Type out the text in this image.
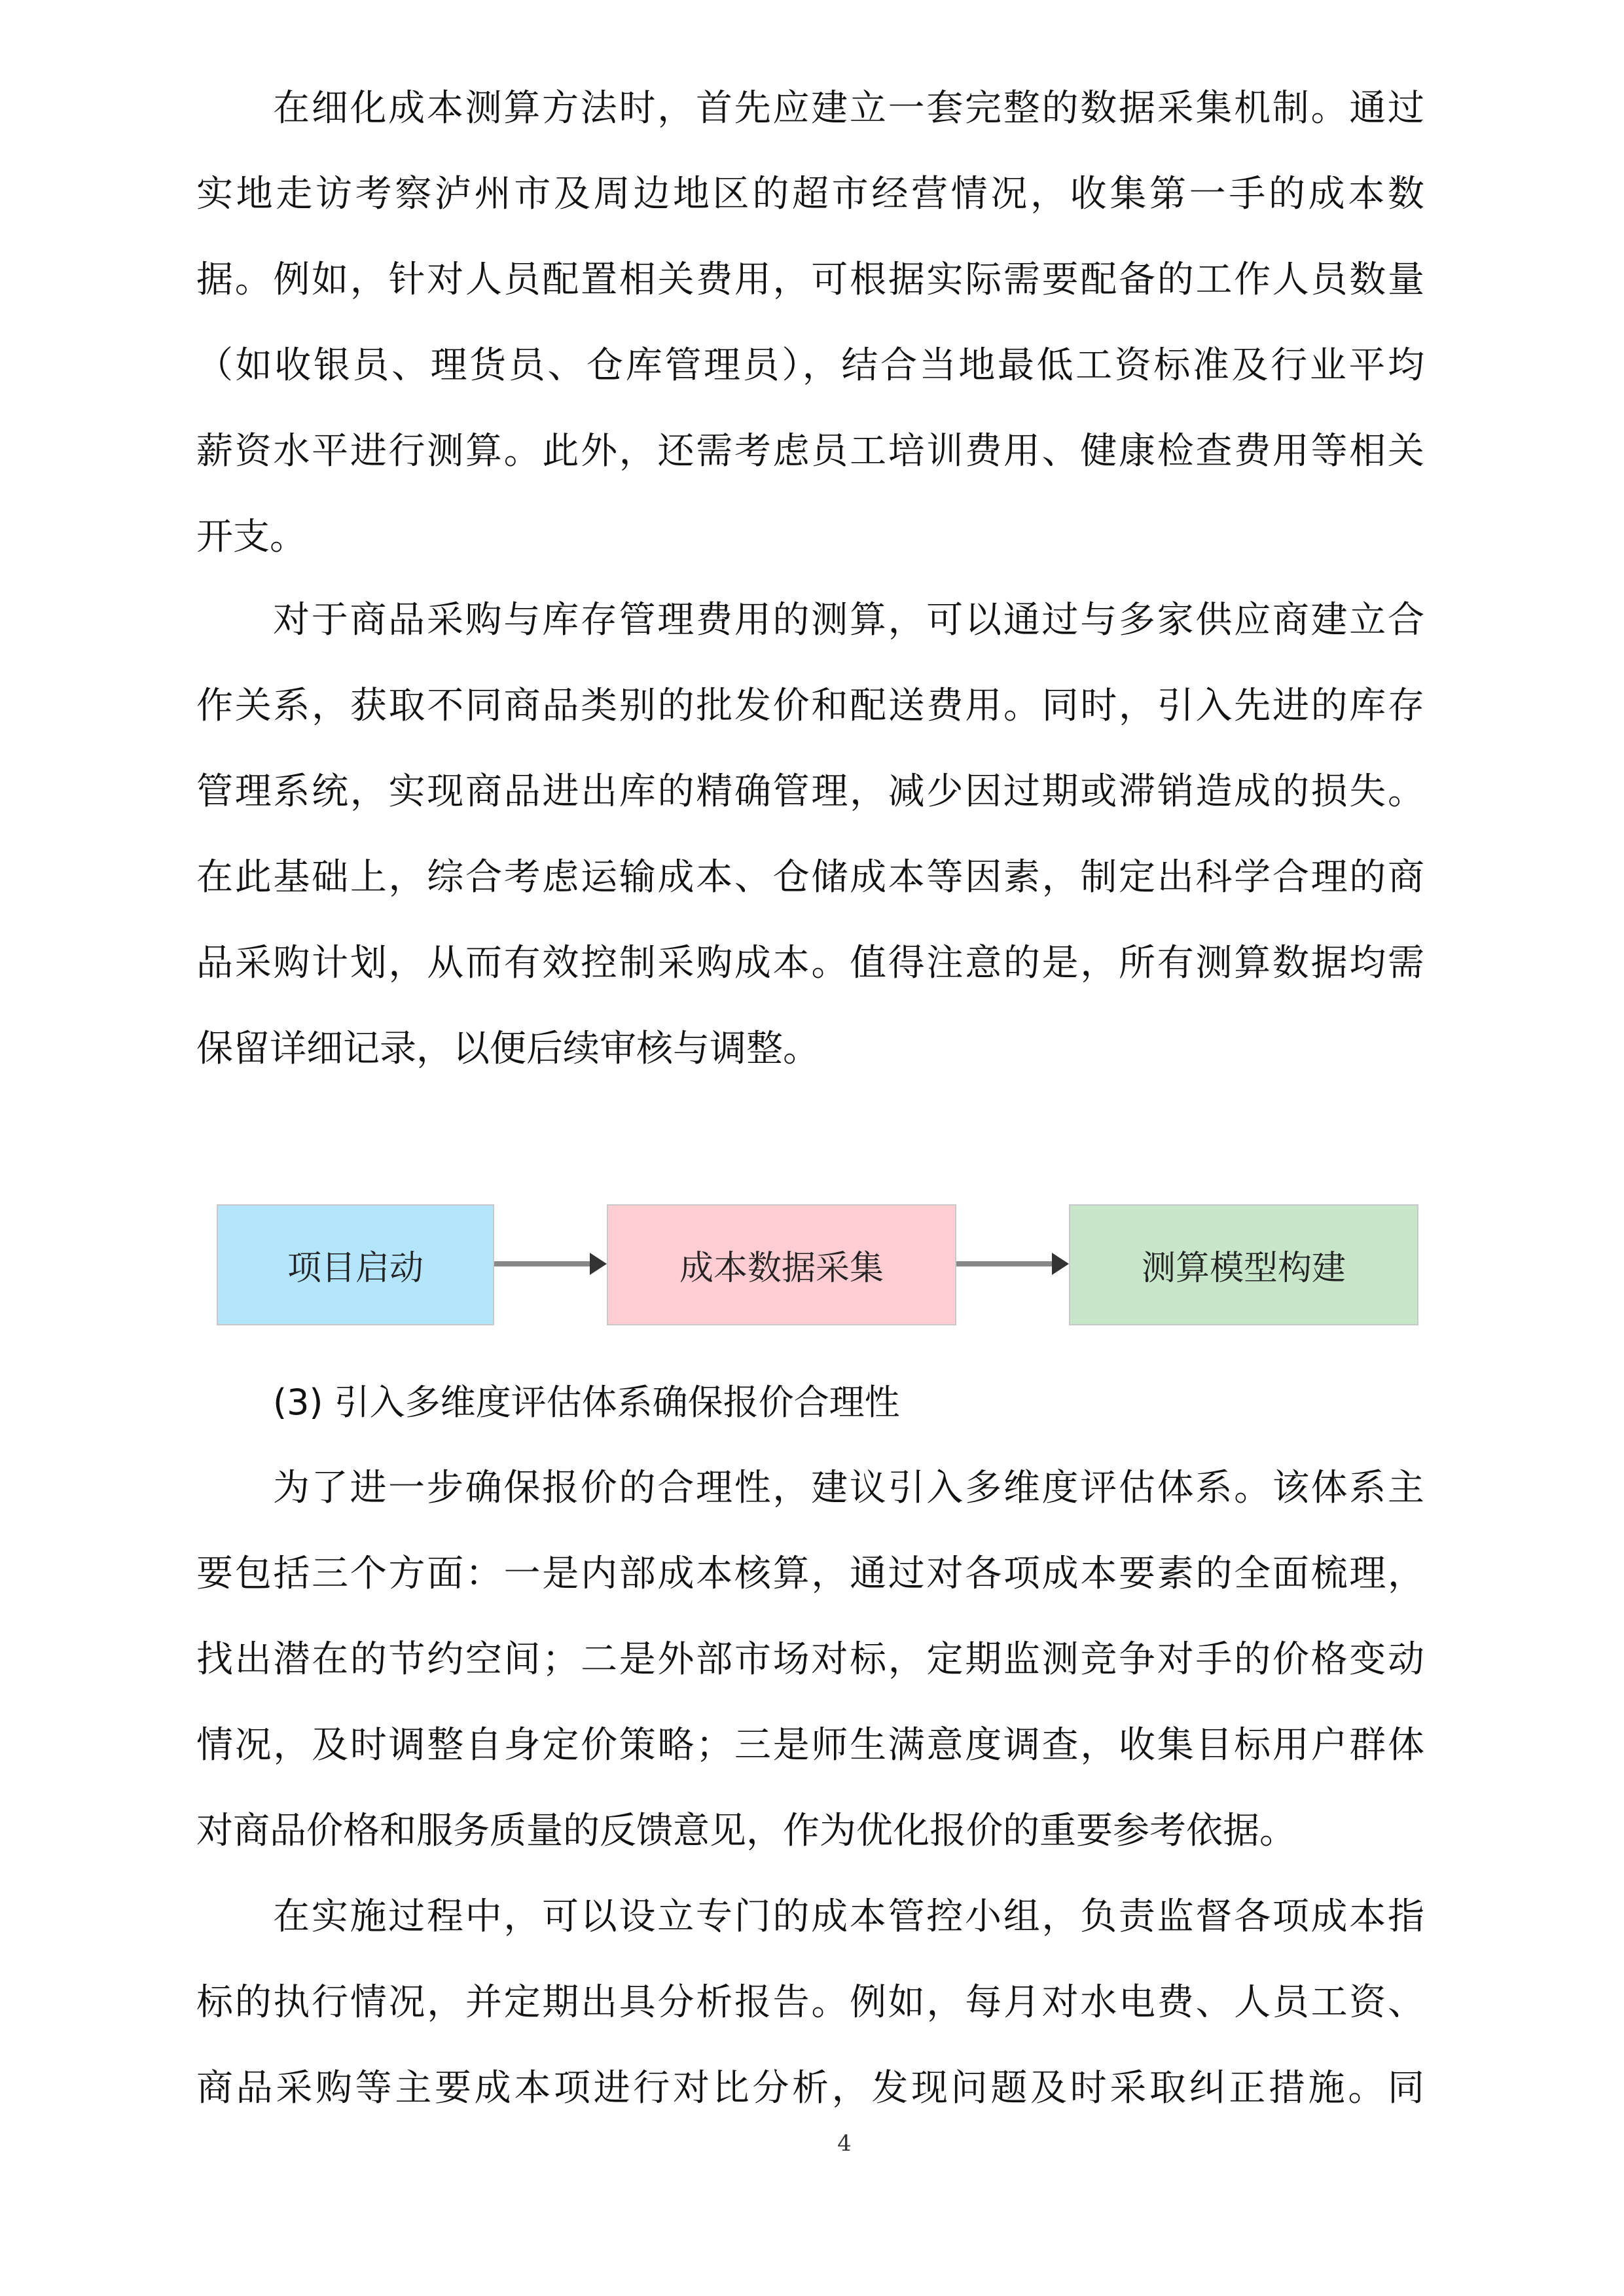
在细化成本测算方法时，首先应建立一套完整的数据采集机制。通过
实地走访考察泸州市及周边地区的超市经营情况，收集第一手的成本数
据。例如，针对人员配置相关费用，可根据实际需要配备的工作人员数量
（如收银员、理货员、仓库管理员），结合当地最低工资标准及行业平均
薪资水平进行测算。此外，还需考虑员工培训费用、健康检查费用等相关
开支。
对于商品采购与库存管理费用的测算，可以通过与多家供应商建立合
作关系，获取不同商品类别的批发价和配送费用。同时，引入先进的库存
管理系统，实现商品进出库的精确管理，减少因过期或滞销造成的损失。
在此基础上，综合考虑运输成本、仓储成本等因素，制定出科学合理的商
品采购计划，从而有效控制采购成本。值得注意的是，所有测算数据均需
保留详细记录，以便后续审核与调整。
项目启动	成本数据采集	测算模型构建
(3) 引入多维度评估体系确保报价合理性
为了进一步确保报价的合理性，建议引入多维度评估体系。该体系主
要包括三个方面：一是内部成本核算，通过对各项成本要素的全面梳理，
找出潜在的节约空间；二是外部市场对标，定期监测竞争对手的价格变动
情况，及时调整自身定价策略；三是师生满意度调查，收集目标用户群体
对商品价格和服务质量的反馈意见，作为优化报价的重要参考依据。
在实施过程中，可以设立专门的成本管控小组，负责监督各项成本指
标的执行情况，并定期出具分析报告。例如，每月对水电费、人员工资、
商品采购等主要成本项进行对比分析，发现问题及时采取纠正措施。同
4
